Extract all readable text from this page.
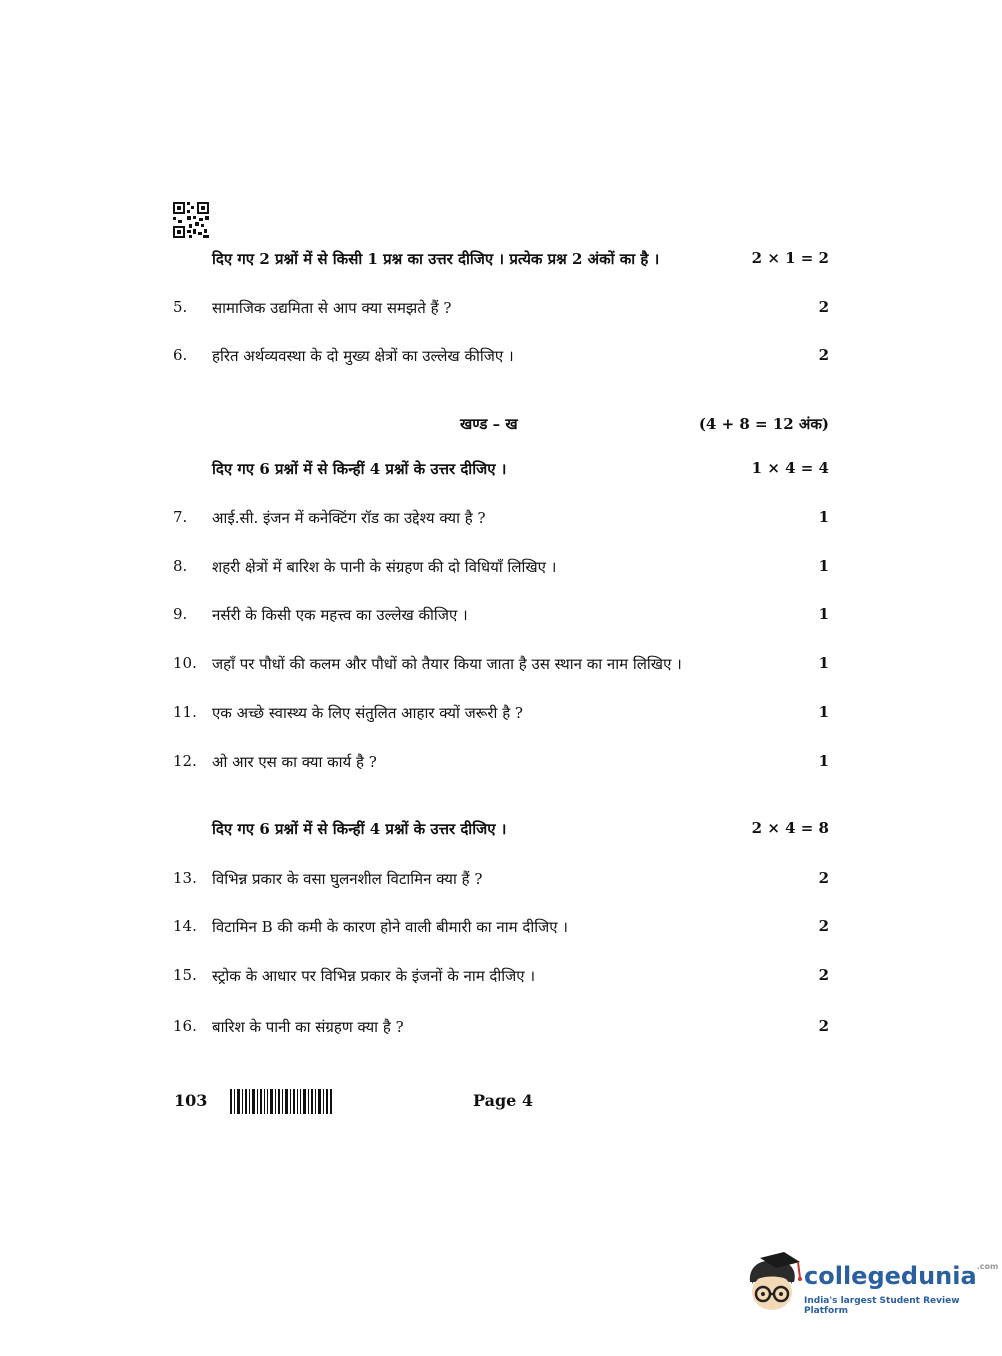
दिए गए 2 प्रश्नों में से किसी 1 प्रश्न का उत्तर दीजिए । प्रत्येक प्रश्न 2 अंकों का है ।	2 × 1 = 2
5. सामाजिक उद्यमिता से आप क्या समझते हैं ?	2
6. हरित अर्थव्यवस्था के दो मुख्य क्षेत्रों का उल्लेख कीजिए ।	2
खण्ड – ख	(4 + 8 = 12 अंक)
दिए गए 6 प्रश्नों में से किन्हीं 4 प्रश्नों के उत्तर दीजिए ।	1 × 4 = 4
7. आई.सी. इंजन में कनेक्टिंग रॉड का उद्देश्य क्या है ?	1
8. शहरी क्षेत्रों में बारिश के पानी के संग्रहण की दो विधियाँ लिखिए ।	1
9. नर्सरी के किसी एक महत्त्व का उल्लेख कीजिए ।	1
10. जहाँ पर पौधों की कलम और पौधों को तैयार किया जाता है उस स्थान का नाम लिखिए ।	1
11. एक अच्छे स्वास्थ्य के लिए संतुलित आहार क्यों जरूरी है ?	1
12. ओ आर एस का क्या कार्य है ?	1
दिए गए 6 प्रश्नों में से किन्हीं 4 प्रश्नों के उत्तर दीजिए ।	2 × 4 = 8
13. विभिन्न प्रकार के वसा घुलनशील विटामिन क्या हैं ?	2
14. विटामिन B की कमी के कारण होने वाली बीमारी का नाम दीजिए ।	2
15. स्ट्रोक के आधार पर विभिन्न प्रकार के इंजनों के नाम दीजिए ।	2
16. बारिश के पानी का संग्रहण क्या है ?	2
103	Page 4
collegedunia$^{.com}$
India's largest Student Review Platform
